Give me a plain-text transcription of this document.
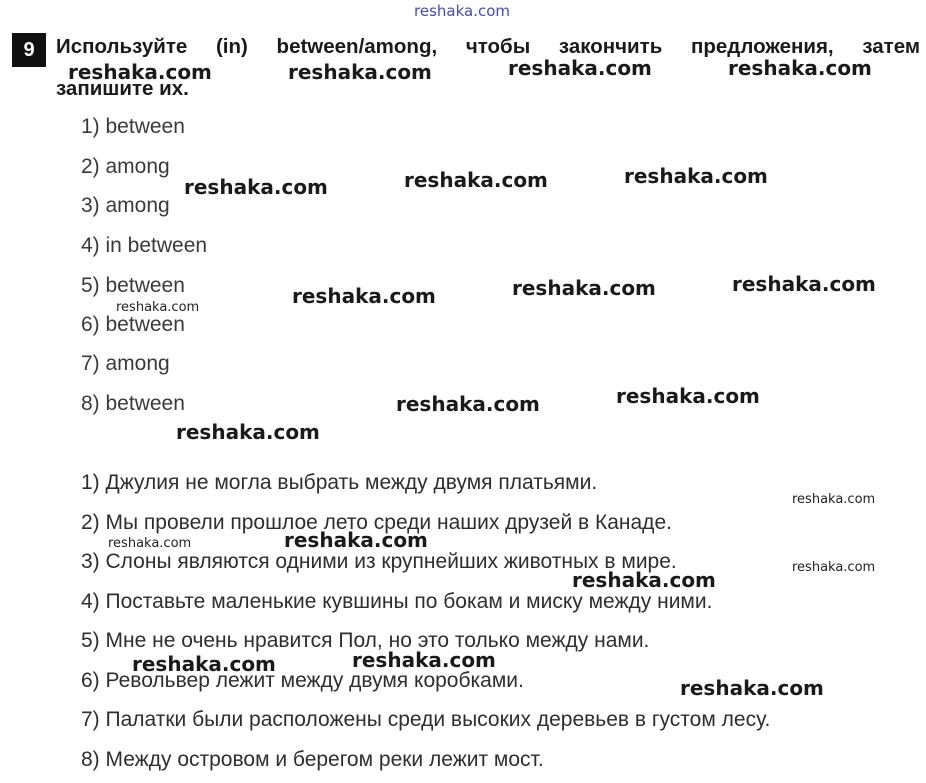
reshaka.com
9	Используйте (in) between/among, чтобы закончить предложения, затем
запишите их.
1) between
2) among
3) among
4) in between
5) between
6) between
7) among
8) between
1) Джулия не могла выбрать между двумя платьями.
2) Мы провели прошлое лето среди наших друзей в Канаде.
3) Слоны являются одними из крупнейших животных в мире.
4) Поставьте маленькие кувшины по бокам и миску между ними.
5) Мне не очень нравится Пол, но это только между нами.
6) Револьвер лежит между двумя коробками.
7) Палатки были расположены среди высоких деревьев в густом лесу.
8) Между островом и берегом реки лежит мост.
reshaka.com	reshaka.com	reshaka.com	reshaka.com
reshaka.com	reshaka.com	reshaka.com
reshaka.com	reshaka.com	reshaka.com
reshaka.com
reshaka.com	reshaka.com
reshaka.com
reshaka.com
reshaka.com	reshaka.com
reshaka.com
reshaka.com
reshaka.com	reshaka.com
reshaka.com
